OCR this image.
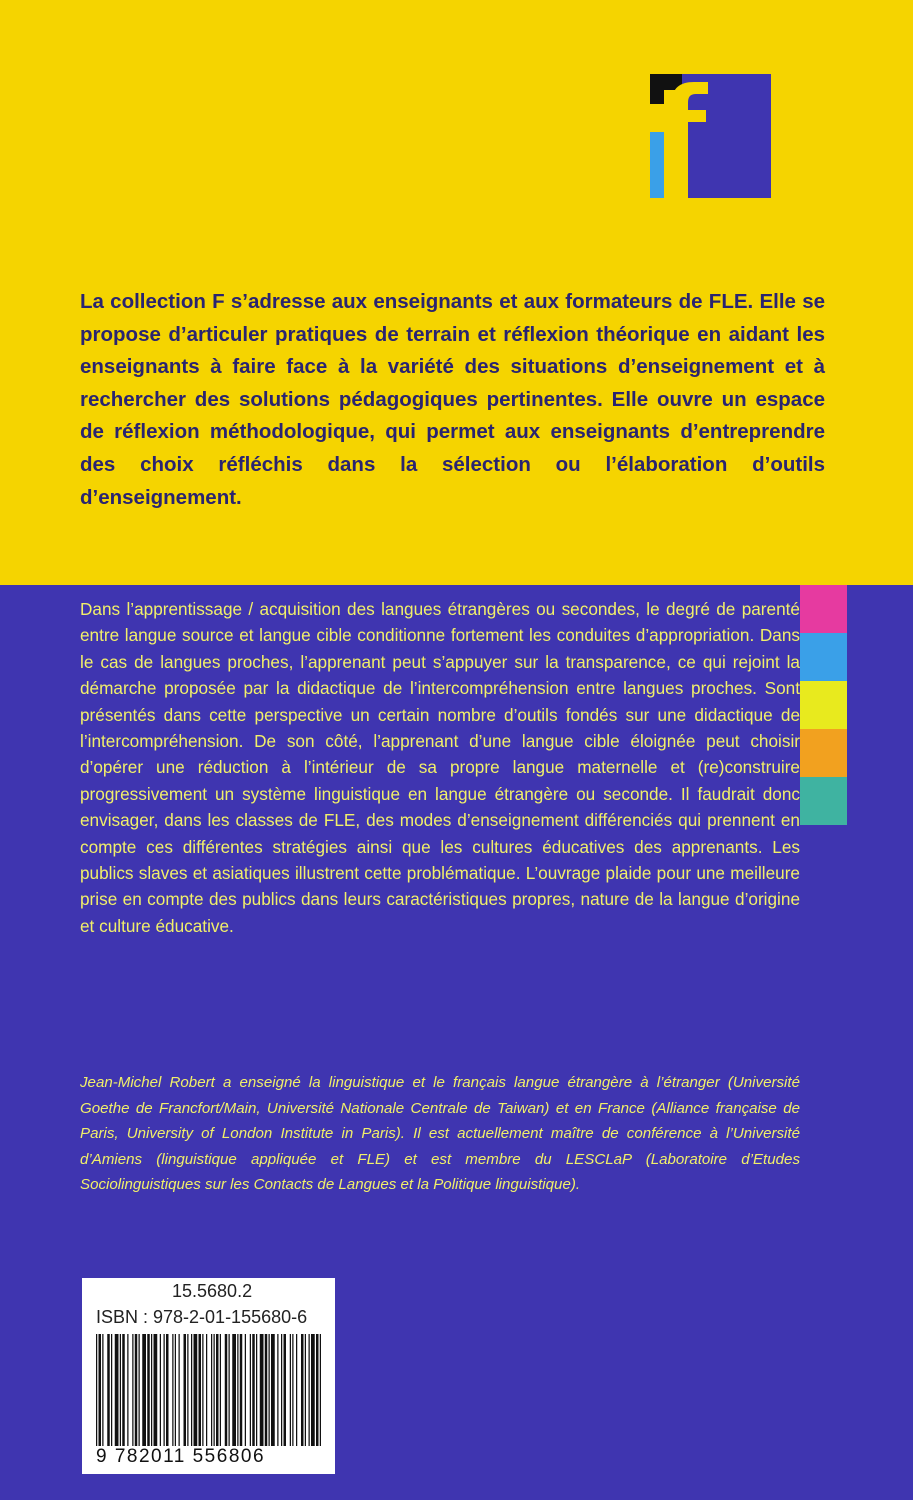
La collection F s’adresse aux enseignants et aux formateurs de FLE. Elle se propose d’articuler pratiques de terrain et réflexion théorique en aidant les enseignants à faire face à la variété des situations d’enseignement et à rechercher des solutions pédagogiques pertinentes. Elle ouvre un espace de réflexion méthodologique, qui permet aux enseignants d’entreprendre des choix réfléchis dans la sélection ou l’élaboration d’outils d’enseignement.

Dans l’apprentissage / acquisition des langues étrangères ou secondes, le degré de parenté entre langue source et langue cible conditionne fortement les conduites d’appropriation. Dans le cas de langues proches, l’apprenant peut s’appuyer sur la transparence, ce qui rejoint la démarche proposée par la didactique de l’intercompréhension entre langues proches. Sont présentés dans cette perspective un certain nombre d’outils fondés sur une didactique de l’intercompréhension. De son côté, l’apprenant d’une langue cible éloignée peut choisir d’opérer une réduction à l’intérieur de sa propre langue maternelle et (re)construire progressivement un système linguistique en langue étrangère ou seconde. Il faudrait donc envisager, dans les classes de FLE, des modes d’enseignement différenciés qui prennent en compte ces différentes stratégies ainsi que les cultures éducatives des apprenants. Les publics slaves et asiatiques illustrent cette problématique. L’ouvrage plaide pour une meilleure prise en compte des publics dans leurs caractéristiques propres, nature de la langue d’origine et culture éducative.

Jean-Michel Robert a enseigné la linguistique et le français langue étrangère à l’étranger (Université Goethe de Francfort/Main, Université Nationale Centrale de Taiwan) et en France (Alliance française de Paris, University of London Institute in Paris). Il est actuellement maître de conférence à l’Université d’Amiens (linguistique appliquée et FLE) et est membre du LESCLaP (Laboratoire d’Etudes Sociolinguistiques sur les Contacts de Langues et la Politique linguistique).

15.5680.2
ISBN : 978-2-01-155680-6
9 782011 556806
